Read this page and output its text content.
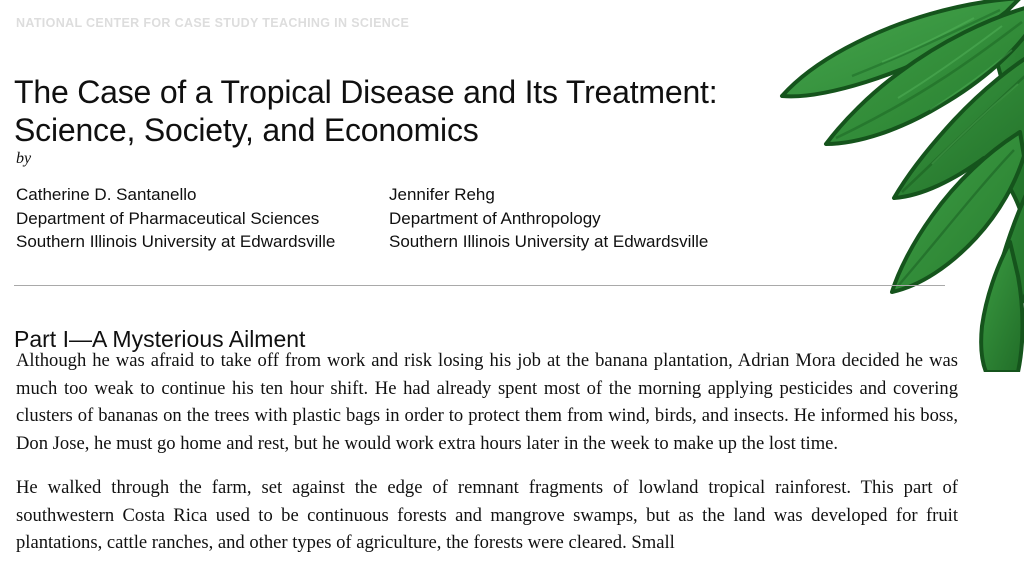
NATIONAL CENTER FOR CASE STUDY TEACHING IN SCIENCE
The Case of a Tropical Disease and Its Treatment:
Science, Society, and Economics
by
Catherine D. Santanello
Department of Pharmaceutical Sciences
Southern Illinois University at Edwardsville
Jennifer Rehg
Department of Anthropology
Southern Illinois University at Edwardsville
Part I—A Mysterious Ailment

Although he was afraid to take off from work and risk losing his job at the banana plantation, Adrian Mora decided he was much too weak to continue his ten hour shift. He had already spent most of the morning applying pesticides and covering clusters of bananas on the trees with plastic bags in order to protect them from wind, birds, and insects. He informed his boss, Don Jose, he must go home and rest, but he would work extra hours later in the week to make up the lost time.

He walked through the farm, set against the edge of remnant fragments of lowland tropical rainforest. This part of southwestern Costa Rica used to be continuous forests and mangrove swamps, but as the land was developed for fruit plantations, cattle ranches, and other types of agriculture, the forests were cleared. Small
